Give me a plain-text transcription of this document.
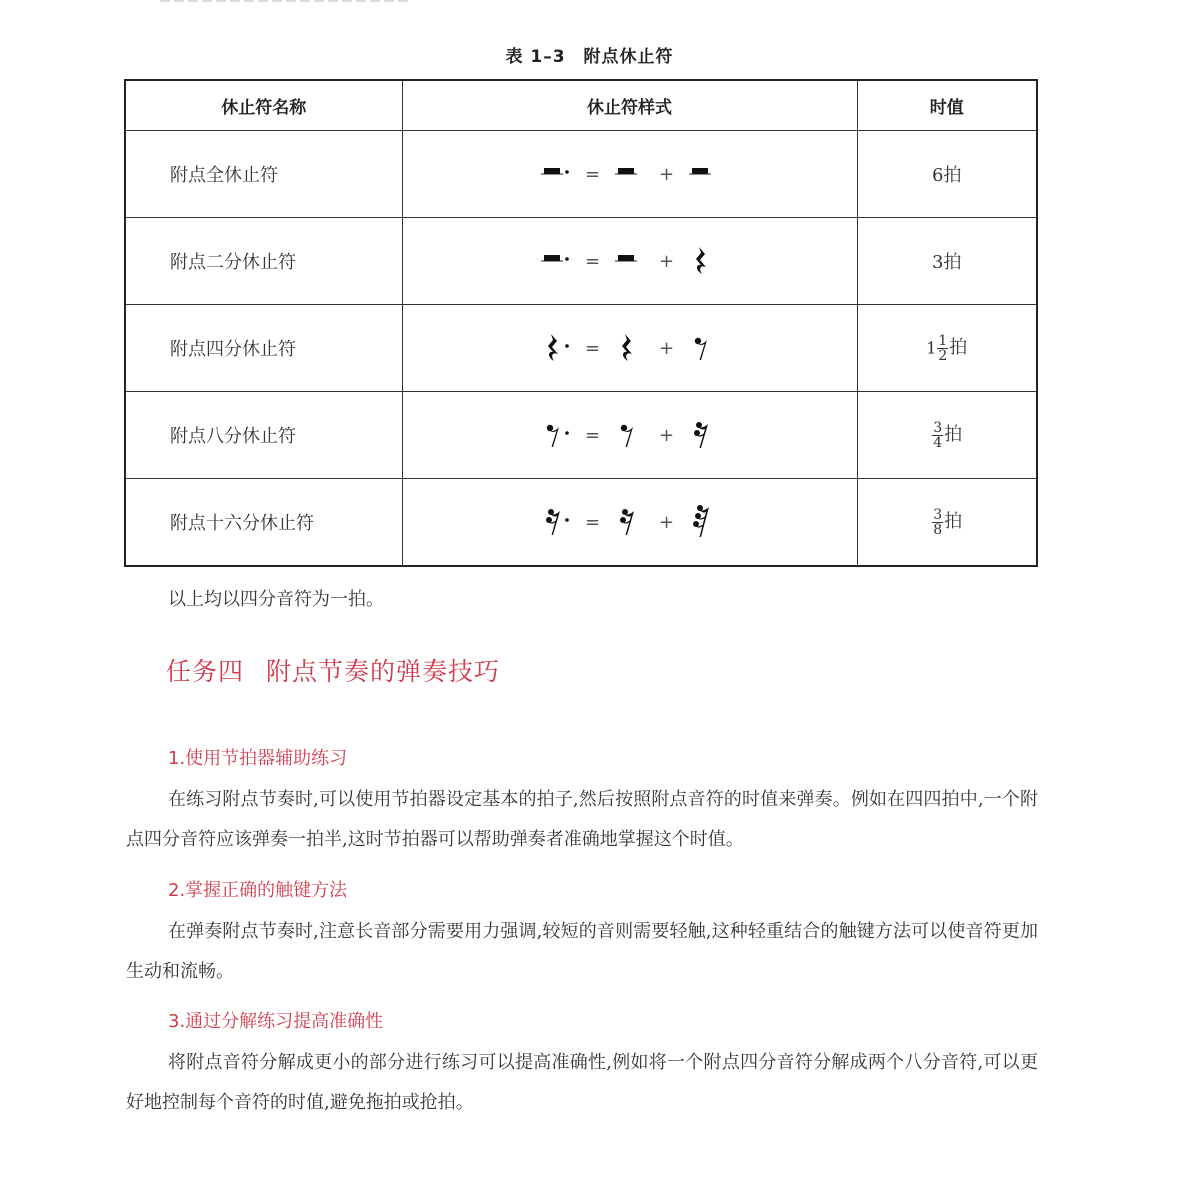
表 1–3 附点休止符
休止符名称	休止符样式	时值
附点全休止符	= +	6拍
附点二分休止符	= +	3拍
附点四分休止符	= +	$1 \frac{1}{2}$ 拍
附点八分休止符	= +	$\frac{3}{4}$ 拍
附点十六分休止符	= +	$\frac{3}{8}$ 拍
以上均以四分音符为一拍。
任务四 附点节奏的弹奏技巧
1.使用节拍器辅助练习
在练习附点节奏时,可以使用节拍器设定基本的拍子,然后按照附点音符的时值来弹奏。例如在四四拍中,一个附点四分音符应该弹奏一拍半,这时节拍器可以帮助弹奏者准确地掌握这个时值。
2.掌握正确的触键方法
在弹奏附点节奏时,注意长音部分需要用力强调,较短的音则需要轻触,这种轻重结合的触键方法可以使音符更加生动和流畅。
3.通过分解练习提高准确性
将附点音符分解成更小的部分进行练习可以提高准确性,例如将一个附点四分音符分解成两个八分音符,可以更好地控制每个音符的时值,避免拖拍或抢拍。
